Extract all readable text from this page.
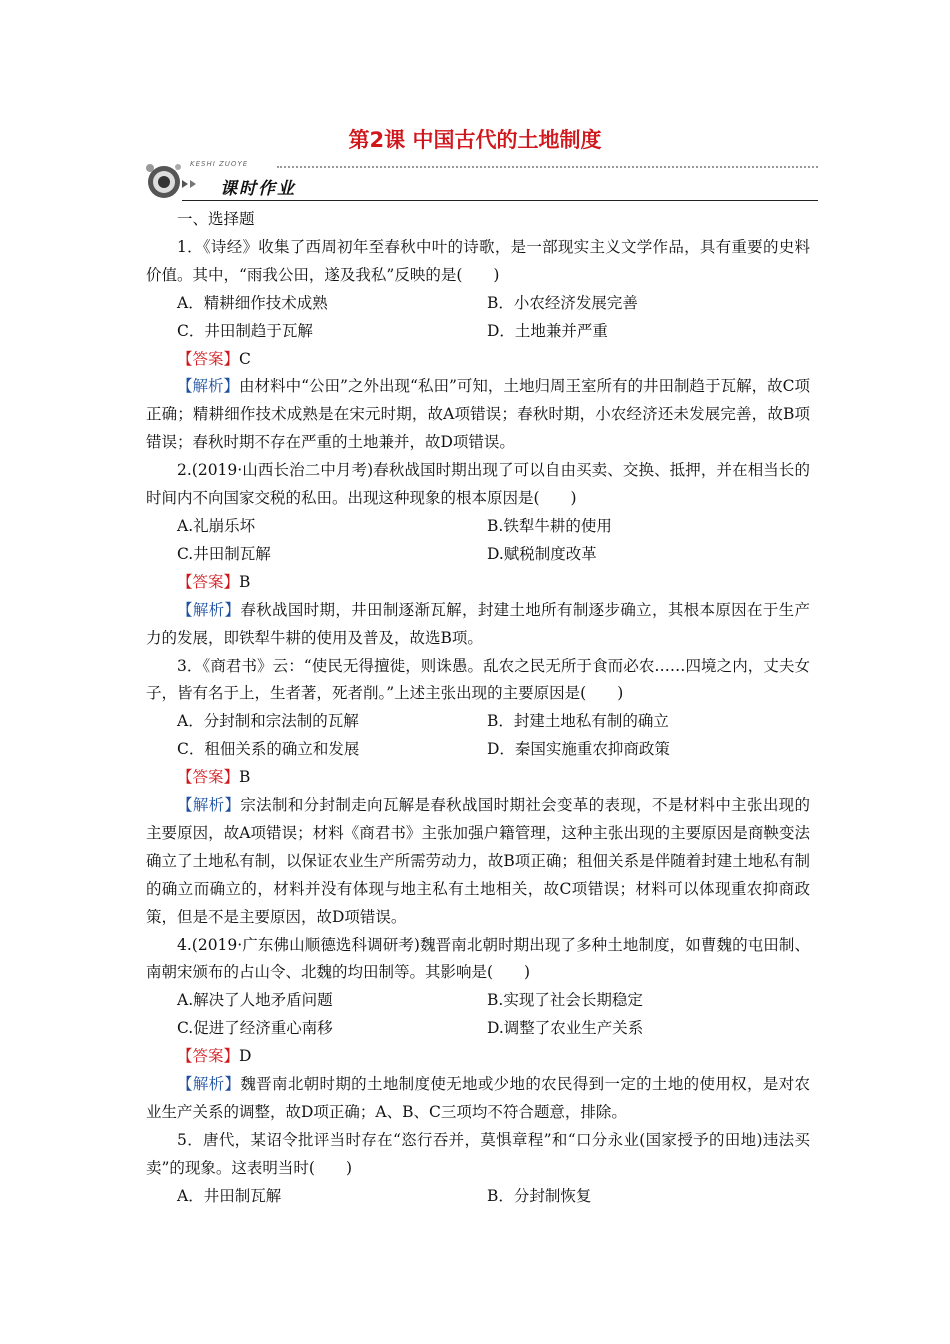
第2课 中国古代的土地制度
KESHI ZUOYE
课时作业

一、选择题

1．《诗经》收集了西周初年至春秋中叶的诗歌，是一部现实主义文学作品，具有重要的史料价值。其中，“雨我公田，遂及我私”反映的是(　　)

A．精耕细作技术成熟	B．小农经济发展完善
C．井田制趋于瓦解	D．土地兼并严重

【答案】C

【解析】由材料中“公田”之外出现“私田”可知，土地归周王室所有的井田制趋于瓦解，故C项正确；精耕细作技术成熟是在宋元时期，故A项错误；春秋时期，小农经济还未发展完善，故B项错误；春秋时期不存在严重的土地兼并，故D项错误。

2.(2019·山西长治二中月考)春秋战国时期出现了可以自由买卖、交换、抵押，并在相当长的时间内不向国家交税的私田。出现这种现象的根本原因是(　　)

A.礼崩乐坏	B.铁犁牛耕的使用
C.井田制瓦解	D.赋税制度改革

【答案】B

【解析】春秋战国时期，井田制逐渐瓦解，封建土地所有制逐步确立，其根本原因在于生产力的发展，即铁犁牛耕的使用及普及，故选B项。

3．《商君书》云：“使民无得擅徙，则诛愚。乱农之民无所于食而必农……四境之内，丈夫女子，皆有名于上，生者著，死者削。”上述主张出现的主要原因是(　　)

A．分封制和宗法制的瓦解	B．封建土地私有制的确立
C．租佃关系的确立和发展	D．秦国实施重农抑商政策

【答案】B

【解析】宗法制和分封制走向瓦解是春秋战国时期社会变革的表现，不是材料中主张出现的主要原因，故A项错误；材料《商君书》主张加强户籍管理，这种主张出现的主要原因是商鞅变法确立了土地私有制，以保证农业生产所需劳动力，故B项正确；租佃关系是伴随着封建土地私有制的确立而确立的，材料并没有体现与地主私有土地相关，故C项错误；材料可以体现重农抑商政策，但是不是主要原因，故D项错误。

4.(2019·广东佛山顺德选科调研考)魏晋南北朝时期出现了多种土地制度，如曹魏的屯田制、南朝宋颁布的占山令、北魏的均田制等。其影响是(　　)

A.解决了人地矛盾问题	B.实现了社会长期稳定
C.促进了经济重心南移	D.调整了农业生产关系

【答案】D

【解析】魏晋南北朝时期的土地制度使无地或少地的农民得到一定的土地的使用权，是对农业生产关系的调整，故D项正确；A、B、C三项均不符合题意，排除。

5．唐代，某诏令批评当时存在“恣行吞并，莫惧章程”和“口分永业(国家授予的田地)违法买卖”的现象。这表明当时(　　)

A．井田制瓦解	B．分封制恢复
